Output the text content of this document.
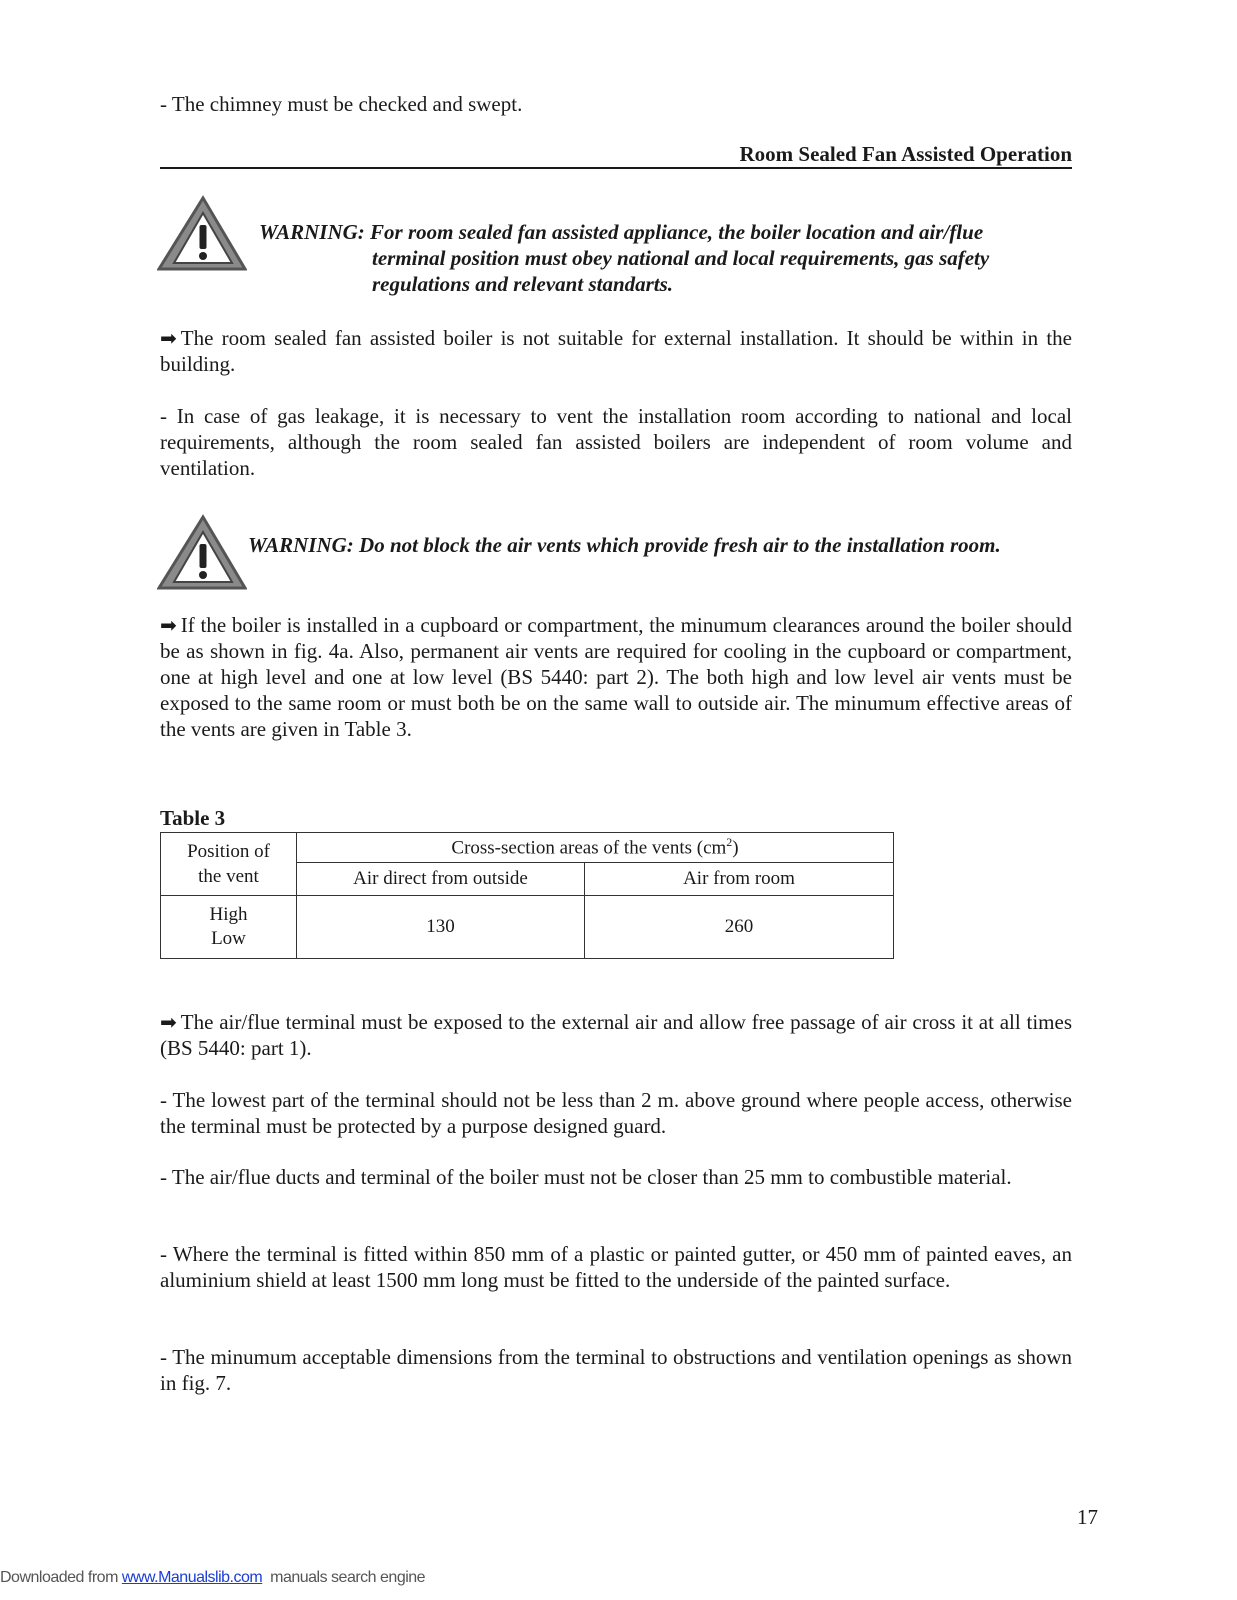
- The chimney must be checked and swept.

Room Sealed Fan Assisted Operation
WARNING: For room sealed fan assisted appliance, the boiler location and air/flue
terminal position must obey national and local requirements, gas safety
regulations and relevant standarts.

➡ The room sealed fan assisted boiler is not suitable for external installation. It should be within in the building.

- In case of gas leakage, it is necessary to vent the installation room according to national and local requirements, although the room sealed fan assisted boilers are independent of room volume and ventilation.

WARNING: Do not block the air vents which provide fresh air to the installation room.

➡ If the boiler is installed in a cupboard or compartment, the minumum clearances around the boiler should be as shown in fig. 4a. Also, permanent air vents are required for cooling in the cupboard or compartment, one at high level and one at low level (BS 5440: part 2). The both high and low level air vents must be exposed to the same room or must both be on the same wall to outside air. The minumum effective areas of the vents are given in Table 3.

Table 3
Position of
the vent	Cross-section areas of the vents $(cm^2)$	
	Air direct from outside	Air from room
High
Low	130	260

➡ The air/flue terminal must be exposed to the external air and allow free passage of air cross it at all times (BS 5440: part 1).

- The lowest part of the terminal should not be less than 2 m. above ground where people access, otherwise the terminal must be protected by a purpose designed guard.

- The air/flue ducts and terminal of the boiler must not be closer than 25 mm to combustible material.

- Where the terminal is fitted within 850 mm of a plastic or painted gutter, or 450 mm of painted eaves, an aluminium shield at least 1500 mm long must be fitted to the underside of the painted surface.

- The minumum acceptable dimensions from the terminal to obstructions and ventilation openings as shown in fig. 7.

17
Downloaded from www.Manualslib.com  manuals search engine
